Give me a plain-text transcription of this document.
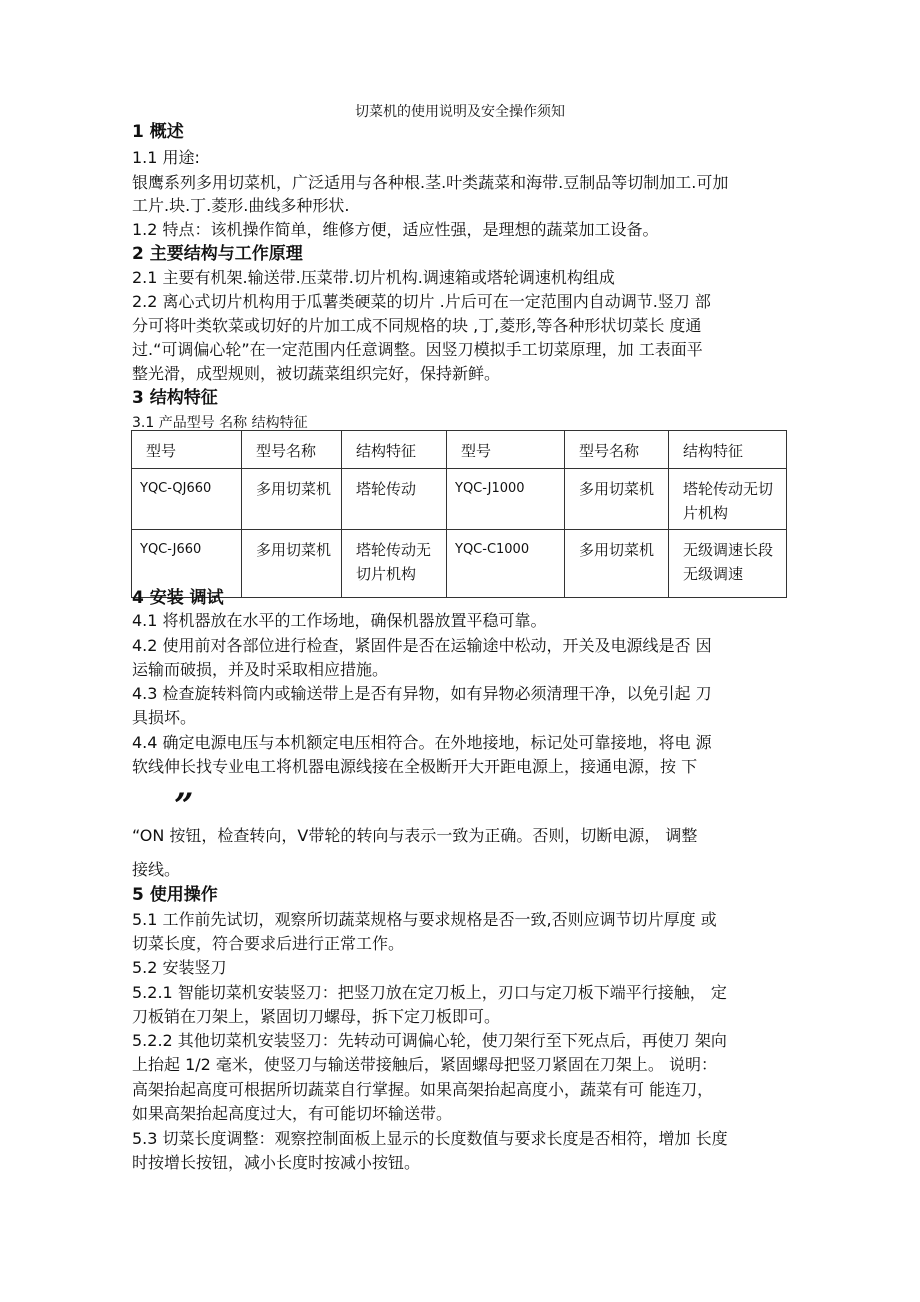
切菜机的使用说明及安全操作须知
1 概述
1.1 用途:
银鹰系列多用切菜机，广泛适用与各种根.茎.叶类蔬菜和海带.豆制品等切制加工.可加
工片.块.丁.菱形.曲线多种形状.
1.2 特点：该机操作简单，维修方便，适应性强，是理想的蔬菜加工设备。
2 主要结构与工作原理
2.1 主要有机架.输送带.压菜带.切片机构.调速箱或塔轮调速机构组成
2.2 离心式切片机构用于瓜薯类硬菜的切片 .片后可在一定范围内自动调节.竖刀 部
分可将叶类软菜或切好的片加工成不同规格的块 ,丁,菱形,等各种形状切菜长 度通
过.“可调偏心轮”在一定范围内任意调整。因竖刀模拟手工切菜原理，加 工表面平
整光滑，成型规则，被切蔬菜组织完好，保持新鲜。
3 结构特征
3.1 产品型号 名称 结构特征
型号	型号名称	结构特征	型号	型号名称	结构特征
YQC-QJ660	多用切菜机	塔轮传动	YQC-J1000	多用切菜机	塔轮传动无切片机构
YQC-J660	多用切菜机	塔轮传动无切片机构	YQC-C1000	多用切菜机	无级调速长段无级调速
4 安装 调试
4.1 将机器放在水平的工作场地，确保机器放置平稳可靠。
4.2 使用前对各部位进行检查，紧固件是否在运输途中松动，开关及电源线是否 因
运输而破损，并及时采取相应措施。
4.3 检查旋转料筒内或输送带上是否有异物，如有异物必须清理干净，以免引起 刀
具损坏。
4.4 确定电源电压与本机额定电压相符合。在外地接地，标记处可靠接地，将电 源
软线伸长找专业电工将机器电源线接在全极断开大开距电源上，接通电源，按 下
”
“ON 按钮，检查转向，V带轮的转向与表示一致为正确。否则，切断电源， 调整
接线。
5 使用操作
5.1 工作前先试切，观察所切蔬菜规格与要求规格是否一致,否则应调节切片厚度 或
切菜长度，符合要求后进行正常工作。
5.2 安装竖刀
5.2.1 智能切菜机安装竖刀：把竖刀放在定刀板上，刃口与定刀板下端平行接触， 定
刀板销在刀架上，紧固切刀螺母，拆下定刀板即可。
5.2.2 其他切菜机安装竖刀：先转动可调偏心轮，使刀架行至下死点后，再使刀 架向
上抬起 1/2 毫米，使竖刀与输送带接触后，紧固螺母把竖刀紧固在刀架上。 说明：
高架抬起高度可根据所切蔬菜自行掌握。如果高架抬起高度小，蔬菜有可 能连刀，
如果高架抬起高度过大，有可能切坏输送带。
5.3 切菜长度调整：观察控制面板上显示的长度数值与要求长度是否相符，增加 长度
时按增长按钮，减小长度时按减小按钮。
